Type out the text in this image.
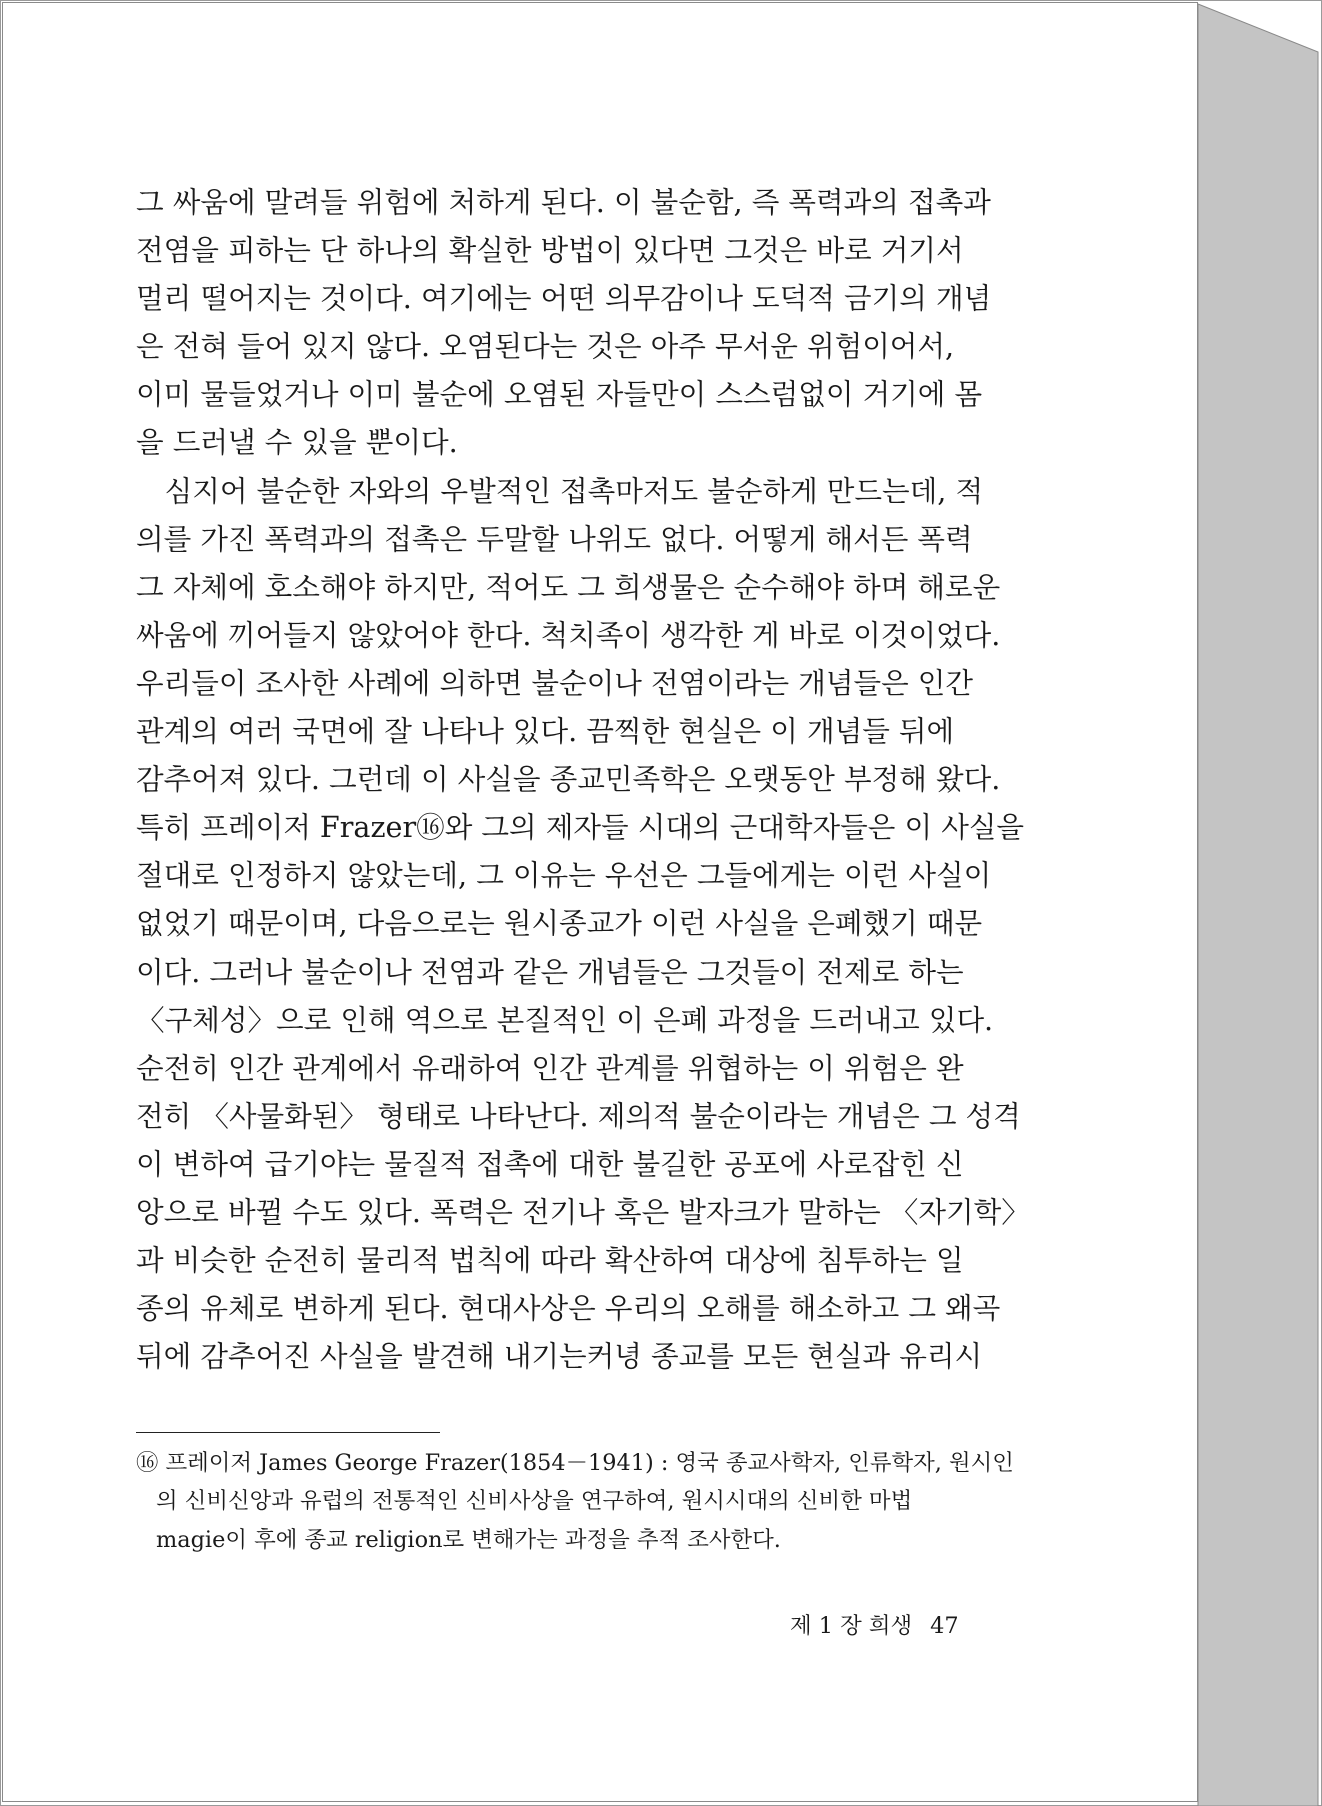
그 싸움에 말려들 위험에 처하게 된다. 이 불순함, 즉 폭력과의 접촉과

전염을 피하는 단 하나의 확실한 방법이 있다면 그것은 바로 거기서

멀리 떨어지는 것이다. 여기에는 어떤 의무감이나 도덕적 금기의 개념

은 전혀 들어 있지 않다. 오염된다는 것은 아주 무서운 위험이어서,

이미 물들었거나 이미 불순에 오염된 자들만이 스스럼없이 거기에 몸

을 드러낼 수 있을 뿐이다.

　심지어 불순한 자와의 우발적인 접촉마저도 불순하게 만드는데, 적

의를 가진 폭력과의 접촉은 두말할 나위도 없다. 어떻게 해서든 폭력

그 자체에 호소해야 하지만, 적어도 그 희생물은 순수해야 하며 해로운

싸움에 끼어들지 않았어야 한다. 척치족이 생각한 게 바로 이것이었다.

우리들이 조사한 사례에 의하면 불순이나 전염이라는 개념들은 인간

관계의 여러 국면에 잘 나타나 있다. 끔찍한 현실은 이 개념들 뒤에

감추어져 있다. 그런데 이 사실을 종교민족학은 오랫동안 부정해 왔다.

특히 프레이저 Frazer⑯와 그의 제자들 시대의 근대학자들은 이 사실을

절대로 인정하지 않았는데, 그 이유는 우선은 그들에게는 이런 사실이

없었기 때문이며, 다음으로는 원시종교가 이런 사실을 은폐했기 때문

이다. 그러나 불순이나 전염과 같은 개념들은 그것들이 전제로 하는

〈구체성〉으로 인해 역으로 본질적인 이 은폐 과정을 드러내고 있다.

순전히 인간 관계에서 유래하여 인간 관계를 위협하는 이 위험은 완

전히 〈사물화된〉 형태로 나타난다. 제의적 불순이라는 개념은 그 성격

이 변하여 급기야는 물질적 접촉에 대한 불길한 공포에 사로잡힌 신

앙으로 바뀔 수도 있다. 폭력은 전기나 혹은 발자크가 말하는 〈자기학〉

과 비슷한 순전히 물리적 법칙에 따라 확산하여 대상에 침투하는 일

종의 유체로 변하게 된다. 현대사상은 우리의 오해를 해소하고 그 왜곡

뒤에 감추어진 사실을 발견해 내기는커녕 종교를 모든 현실과 유리시

⑯ 프레이저 James George Frazer(1854－1941) : 영국 종교사학자, 인류학자, 원시인

의 신비신앙과 유럽의 전통적인 신비사상을 연구하여, 원시시대의 신비한 마법

magie이 후에 종교 religion로 변해가는 과정을 추적 조사한다.

제 1 장 희생 47
